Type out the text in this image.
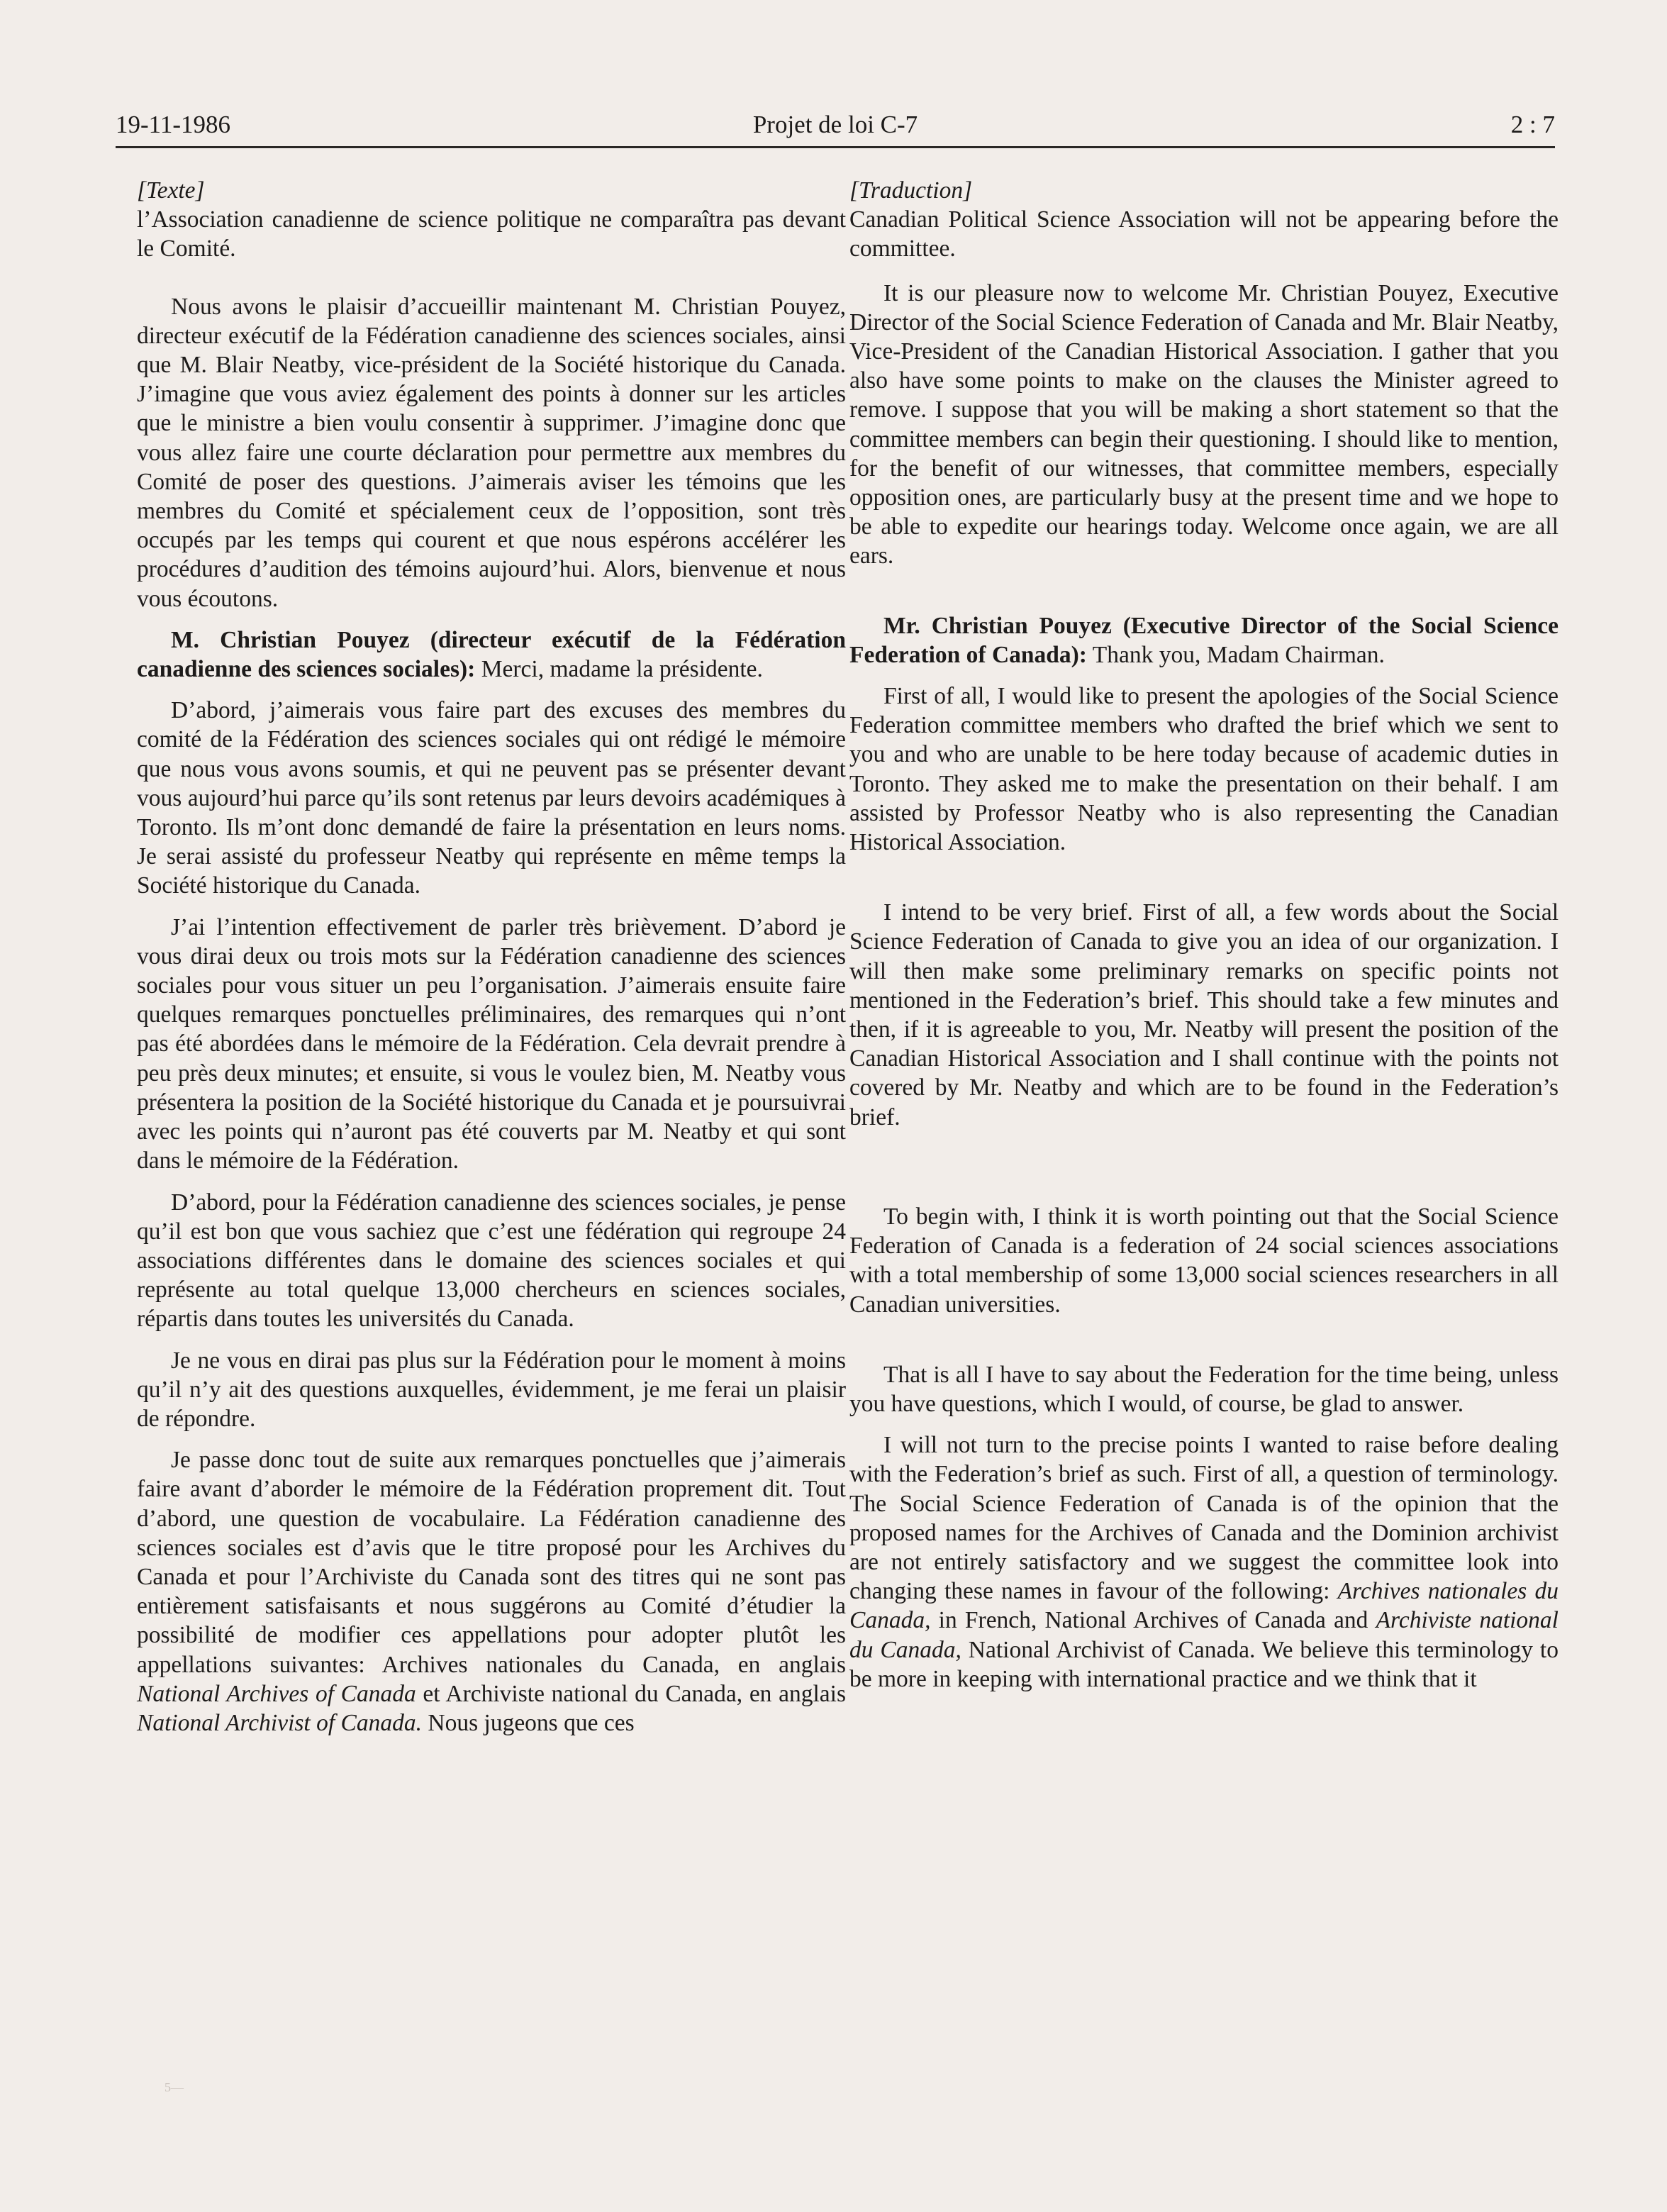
19-11-1986	Projet de loi C-7	2 : 7

[Texte]

l’Association canadienne de science politique ne comparaîtra pas devant le Comité.

Nous avons le plaisir d’accueillir maintenant M. Christian Pouyez, directeur exécutif de la Fédération canadienne des sciences sociales, ainsi que M. Blair Neatby, vice-président de la Société historique du Canada. J’imagine que vous aviez également des points à donner sur les articles que le ministre a bien voulu consentir à supprimer. J’imagine donc que vous allez faire une courte déclaration pour permettre aux membres du Comité de poser des questions. J’aimerais aviser les témoins que les membres du Comité et spécialement ceux de l’opposition, sont très occupés par les temps qui courent et que nous espérons accélérer les procédures d’audition des témoins aujourd’hui. Alors, bienvenue et nous vous écoutons.

M. Christian Pouyez (directeur exécutif de la Fédération canadienne des sciences sociales): Merci, madame la présidente.

D’abord, j’aimerais vous faire part des excuses des membres du comité de la Fédération des sciences sociales qui ont rédigé le mémoire que nous vous avons soumis, et qui ne peuvent pas se présenter devant vous aujourd’hui parce qu’ils sont retenus par leurs devoirs académiques à Toronto. Ils m’ont donc demandé de faire la présentation en leurs noms. Je serai assisté du professeur Neatby qui représente en même temps la Société historique du Canada.

J’ai l’intention effectivement de parler très brièvement. D’abord je vous dirai deux ou trois mots sur la Fédération canadienne des sciences sociales pour vous situer un peu l’organisation. J’aimerais ensuite faire quelques remarques ponctuelles préliminaires, des remarques qui n’ont pas été abordées dans le mémoire de la Fédération. Cela devrait prendre à peu près deux minutes; et ensuite, si vous le voulez bien, M. Neatby vous présentera la position de la Société historique du Canada et je poursuivrai avec les points qui n’auront pas été couverts par M. Neatby et qui sont dans le mémoire de la Fédération.

D’abord, pour la Fédération canadienne des sciences sociales, je pense qu’il est bon que vous sachiez que c’est une fédération qui regroupe 24 associations différentes dans le domaine des sciences sociales et qui représente au total quelque 13,000 chercheurs en sciences sociales, répartis dans toutes les universités du Canada.

Je ne vous en dirai pas plus sur la Fédération pour le moment à moins qu’il n’y ait des questions auxquelles, évidemment, je me ferai un plaisir de répondre.

Je passe donc tout de suite aux remarques ponctuelles que j’aimerais faire avant d’aborder le mémoire de la Fédération proprement dit. Tout d’abord, une question de vocabulaire. La Fédération canadienne des sciences sociales est d’avis que le titre proposé pour les Archives du Canada et pour l’Archiviste du Canada sont des titres qui ne sont pas entièrement satisfaisants et nous suggérons au Comité d’étudier la possibilité de modifier ces appellations pour adopter plutôt les appellations suivantes: Archives nationales du Canada, en anglais National Archives of Canada et Archiviste national du Canada, en anglais National Archivist of Canada. Nous jugeons que ces

[Traduction]

Canadian Political Science Association will not be appearing before the committee.

It is our pleasure now to welcome Mr. Christian Pouyez, Executive Director of the Social Science Federation of Canada and Mr. Blair Neatby, Vice-President of the Canadian Historical Association. I gather that you also have some points to make on the clauses the Minister agreed to remove. I suppose that you will be making a short statement so that the committee members can begin their questioning. I should like to mention, for the benefit of our witnesses, that committee members, especially opposition ones, are particularly busy at the present time and we hope to be able to expedite our hearings today. Welcome once again, we are all ears.

Mr. Christian Pouyez (Executive Director of the Social Science Federation of Canada): Thank you, Madam Chairman.

First of all, I would like to present the apologies of the Social Science Federation committee members who drafted the brief which we sent to you and who are unable to be here today because of academic duties in Toronto. They asked me to make the presentation on their behalf. I am assisted by Professor Neatby who is also representing the Canadian Historical Association.

I intend to be very brief. First of all, a few words about the Social Science Federation of Canada to give you an idea of our organization. I will then make some preliminary remarks on specific points not mentioned in the Federation’s brief. This should take a few minutes and then, if it is agreeable to you, Mr. Neatby will present the position of the Canadian Historical Association and I shall continue with the points not covered by Mr. Neatby and which are to be found in the Federation’s brief.

To begin with, I think it is worth pointing out that the Social Science Federation of Canada is a federation of 24 social sciences associations with a total membership of some 13,000 social sciences researchers in all Canadian universities.

That is all I have to say about the Federation for the time being, unless you have questions, which I would, of course, be glad to answer.

I will not turn to the precise points I wanted to raise before dealing with the Federation’s brief as such. First of all, a question of terminology. The Social Science Federation of Canada is of the opinion that the proposed names for the Archives of Canada and the Dominion archivist are not entirely satisfactory and we suggest the committee look into changing these names in favour of the following: Archives nationales du Canada, in French, National Archives of Canada and Archiviste national du Canada, National Archivist of Canada. We believe this terminology to be more in keeping with international practice and we think that it

5—
